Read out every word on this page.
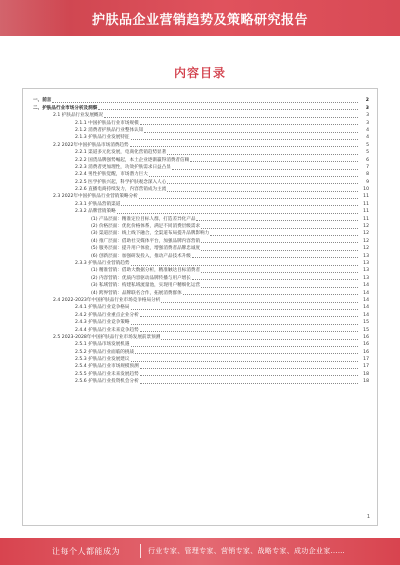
护肤品企业营销趋势及策略研究报告
内容目录
一、前言	2
二、护肤品行业市场分析及洞察	3
2.1 护肤品行业发展概况	3
2.1.1 中国护肤品行业市场规模	3
2.1.2 消费者护肤品行业整体认知	4
2.1.3 护肤品行业发展特征	4
2.2 2022年中国护肤品市场消费趋势	5
2.2.1 渠道多元化发展，电商化营销趋势显著	5
2.2.2 国货品牌强势崛起，本土企业逐渐赢得消费者信赖	6
2.2.3 消费者更加理性，功效护肤需求日益凸显	7
2.2.4 男性护肤觉醒，市场潜力巨大	8
2.2.5 医学护肤兴起，科学护肤观念深入人心	9
2.2.6 直播电商持续发力，内容营销成为主流	10
2.3 2022年中国护肤品行业营销策略分析	11
2.3.1 护肤品营销渠道	11
2.3.2 品牌营销策略	11
(1) 产品层面：精准定位目标人群，打造差异化产品	11
(2) 价格层面：优化价格体系，满足不同消费层级需求	12
(3) 渠道层面：线上线下融合，全渠道布局提升品牌影响力	12
(4) 推广层面：借助社交媒体平台，加强品牌内容营销	12
(5) 服务层面：提升用户体验，增强消费者品牌忠诚度	12
(6) 创新层面：加强研发投入，推动产品技术升级	13
2.3.3 护肤品行业营销趋势	13
(1) 精准营销：借助大数据分析，精准触达目标消费者	13
(2) 内容营销：优质内容驱动品牌传播与用户增长	13
(3) 私域营销：构建私域流量池，实现用户精细化运营	14
(4) 跨界营销：品牌联名合作，拓展消费群体	14
2.4 2022-2023年中国护肤品行业市场竞争格局分析	14
2.4.1 护肤品行业竞争格局	14
2.4.2 护肤品行业重点企业分析	14
2.4.3 护肤品行业竞争策略	15
2.4.4 护肤品行业未来竞争趋势	15
2.5 2023-2028年中国护肤品行业市场发展前景预测	16
2.5.1 护肤品市场发展机遇	16
2.5.2 护肤品行业面临的挑战	16
2.5.3 护肤品行业发展建议	17
2.5.4 护肤品行业市场规模预测	17
2.5.5 护肤品行业未来发展趋势	18
2.5.6 护肤品行业投资机会分析	18
1
让每个人都能成为	行业专家、管理专家、营销专家、战略专家、成功企业家……
